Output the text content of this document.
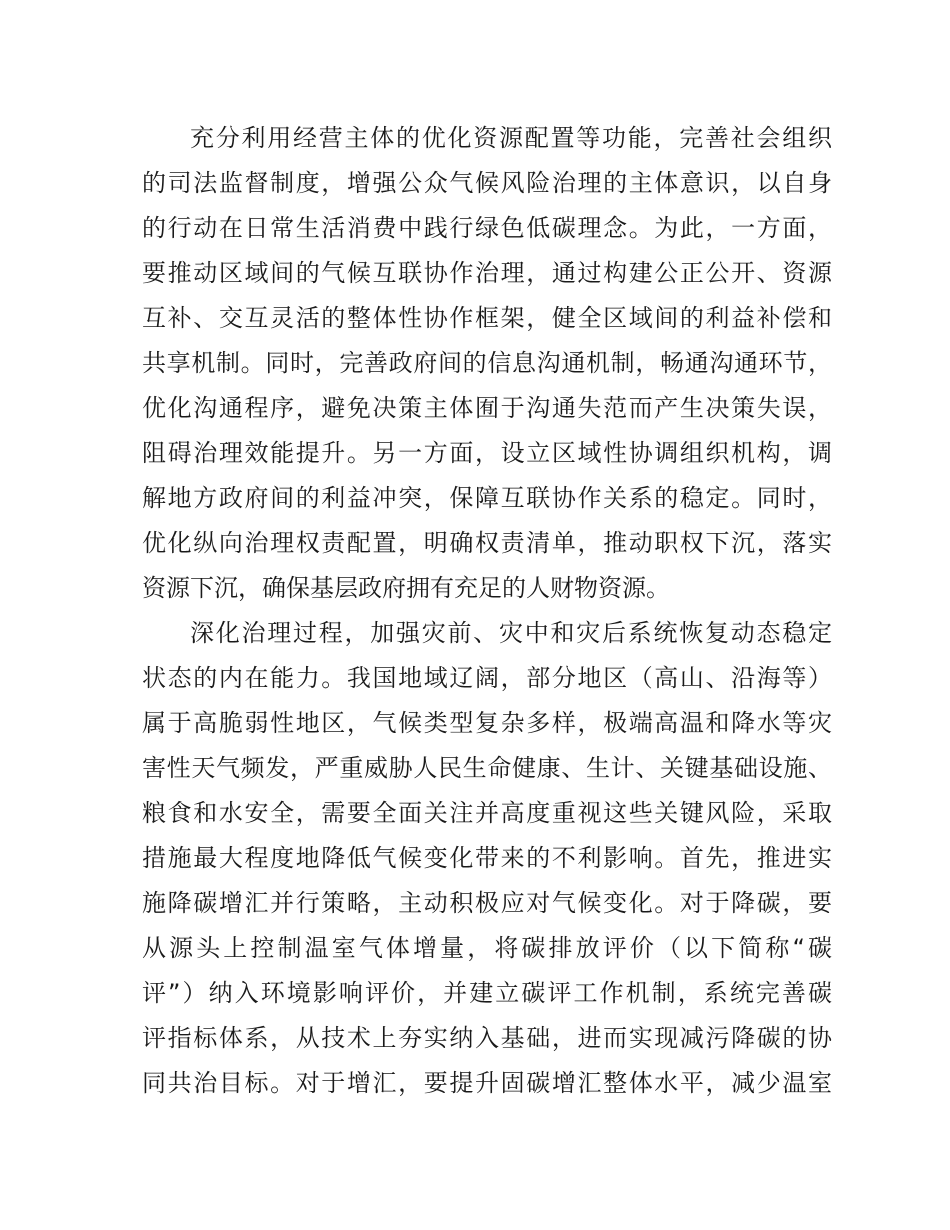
充分利用经营主体的优化资源配置等功能，完善社会组织
的司法监督制度，增强公众气候风险治理的主体意识，以自身
的行动在日常生活消费中践行绿色低碳理念。为此，一方面，
要推动区域间的气候互联协作治理，通过构建公正公开、资源
互补、交互灵活的整体性协作框架，健全区域间的利益补偿和
共享机制。同时，完善政府间的信息沟通机制，畅通沟通环节，
优化沟通程序，避免决策主体囿于沟通失范而产生决策失误，
阻碍治理效能提升。另一方面，设立区域性协调组织机构，调
解地方政府间的利益冲突，保障互联协作关系的稳定。同时，
优化纵向治理权责配置，明确权责清单，推动职权下沉，落实
资源下沉，确保基层政府拥有充足的人财物资源。
深化治理过程，加强灾前、灾中和灾后系统恢复动态稳定
状态的内在能力。我国地域辽阔，部分地区（高山、沿海等）
属于高脆弱性地区，气候类型复杂多样，极端高温和降水等灾
害性天气频发，严重威胁人民生命健康、生计、关键基础设施、
粮食和水安全，需要全面关注并高度重视这些关键风险，采取
措施最大程度地降低气候变化带来的不利影响。首先，推进实
施降碳增汇并行策略，主动积极应对气候变化。对于降碳，要
从源头上控制温室气体增量，将碳排放评价（以下简称“碳
评”）纳入环境影响评价，并建立碳评工作机制，系统完善碳
评指标体系，从技术上夯实纳入基础，进而实现减污降碳的协
同共治目标。对于增汇，要提升固碳增汇整体水平，减少温室
